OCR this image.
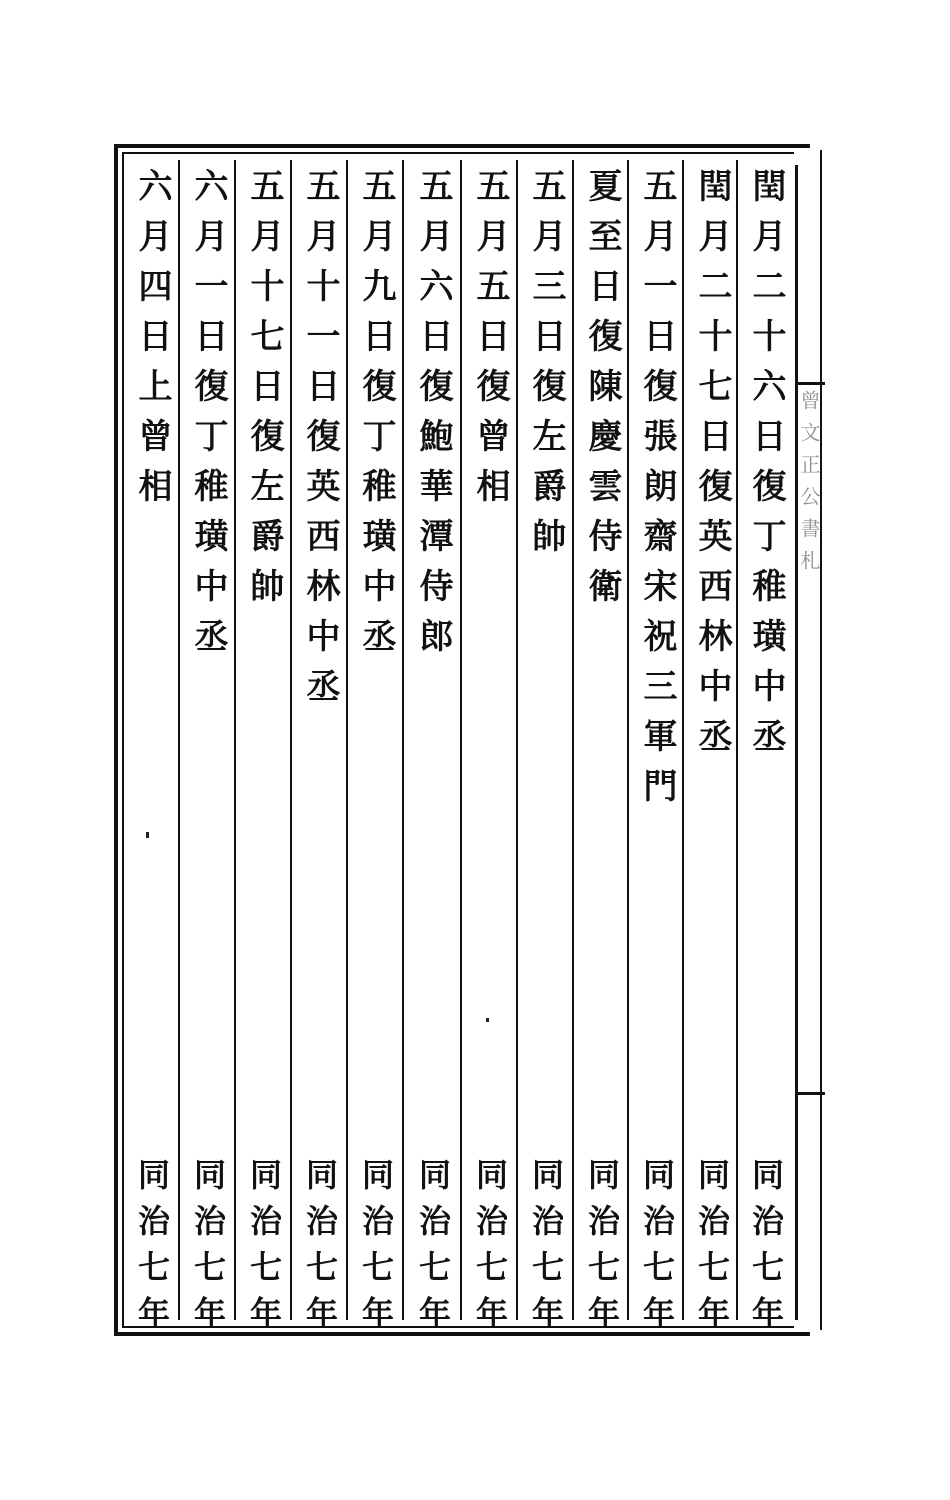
曾文正公書札
閏月二十六日復丁稚璜中丞
同治七年
閏月二十七日復英西林中丞
同治七年
五月一日復張朗齋宋祝三軍門
同治七年
夏至日復陳慶雲侍衛
同治七年
五月三日復左爵帥
同治七年
五月五日復曾相
同治七年
五月六日復鮑華潭侍郎
同治七年
五月九日復丁稚璜中丞
同治七年
五月十一日復英西林中丞
同治七年
五月十七日復左爵帥
同治七年
六月一日復丁稚璜中丞
同治七年
六月四日上曾相
同治七年
